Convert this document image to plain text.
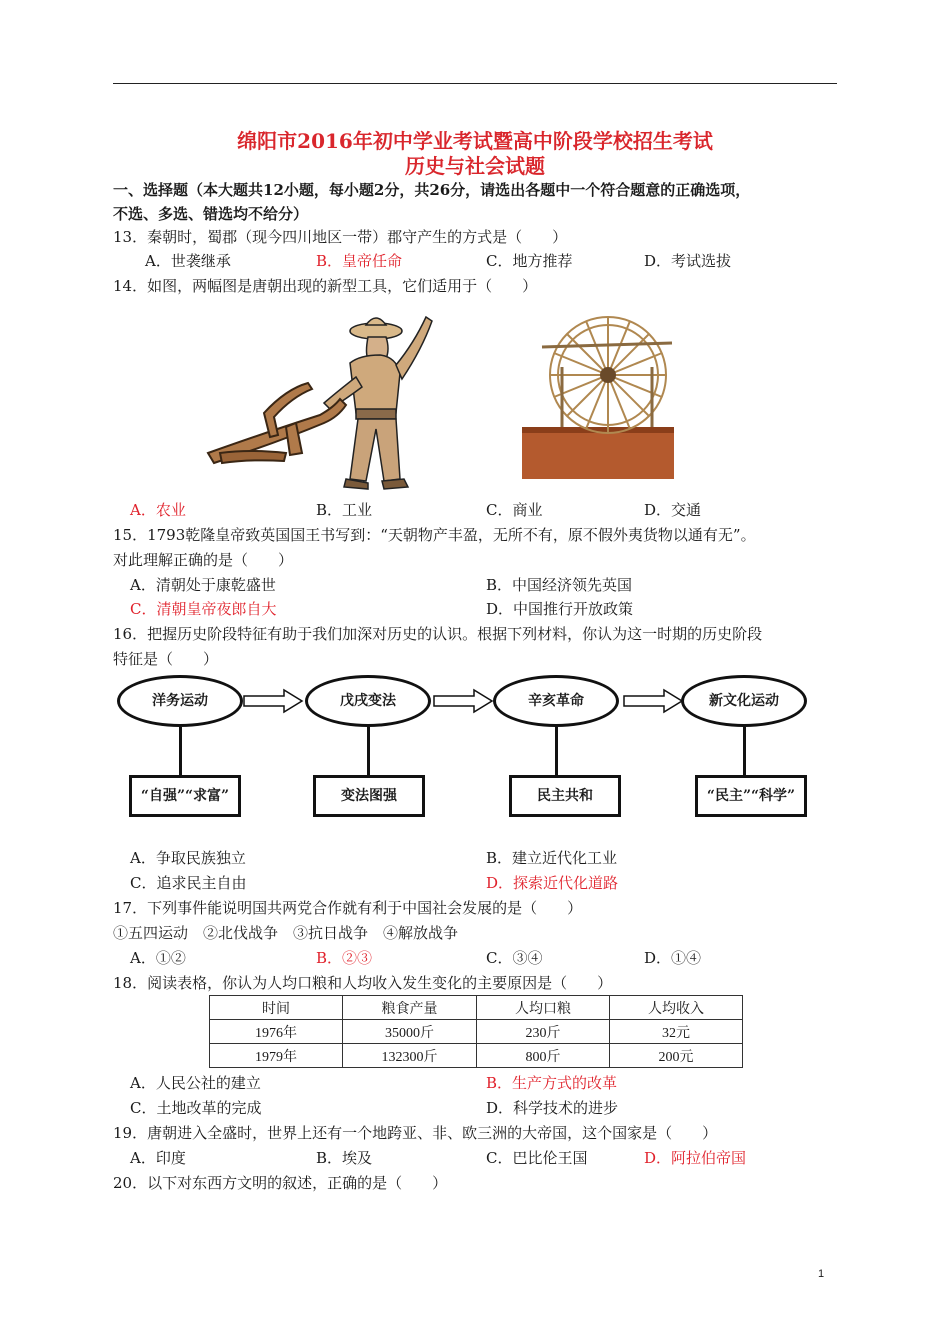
绵阳市2016年初中学业考试暨高中阶段学校招生考试
历史与社会试题
一、选择题（本大题共12小题，每小题2分，共26分，请选出各题中一个符合题意的正确选项，
不选、多选、错选均不给分）
13．秦朝时，蜀郡（现今四川地区一带）郡守产生的方式是（　　）
A．世袭继承	B．皇帝任命	C．地方推荐	D．考试选拔
14．如图，两幅图是唐朝出现的新型工具，它们适用于（　　）
A．农业	B．工业	C．商业	D．交通
15．1793乾隆皇帝致英国国王书写到：“天朝物产丰盈，无所不有，原不假外夷货物以通有无”。
对此理解正确的是（　　）
A．清朝处于康乾盛世	B．中国经济领先英国
C．清朝皇帝夜郎自大	D．中国推行开放政策
16．把握历史阶段特征有助于我们加深对历史的认识。根据下列材料，你认为这一时期的历史阶段
特征是（　　）
洋务运动	戊戌变法	辛亥革命	新文化运动
“自强”“求富”	变法图强	民主共和	“民主”“科学”
A．争取民族独立	B．建立近代化工业
C．追求民主自由	D．探索近代化道路
17．下列事件能说明国共两党合作就有利于中国社会发展的是（　　）
①五四运动　②北伐战争　③抗日战争　④解放战争
A．①②	B．②③	C．③④	D．①④
18．阅读表格，你认为人均口粮和人均收入发生变化的主要原因是（　　）
时间	粮食产量	人均口粮	人均收入
1976年	35000斤	230斤	32元
1979年	132300斤	800斤	200元
A．人民公社的建立	B．生产方式的改革
C．土地改革的完成	D．科学技术的进步
19．唐朝进入全盛时，世界上还有一个地跨亚、非、欧三洲的大帝国，这个国家是（　　）
A．印度	B．埃及	C．巴比伦王国	D．阿拉伯帝国
20．以下对东西方文明的叙述，正确的是（　　）
1
